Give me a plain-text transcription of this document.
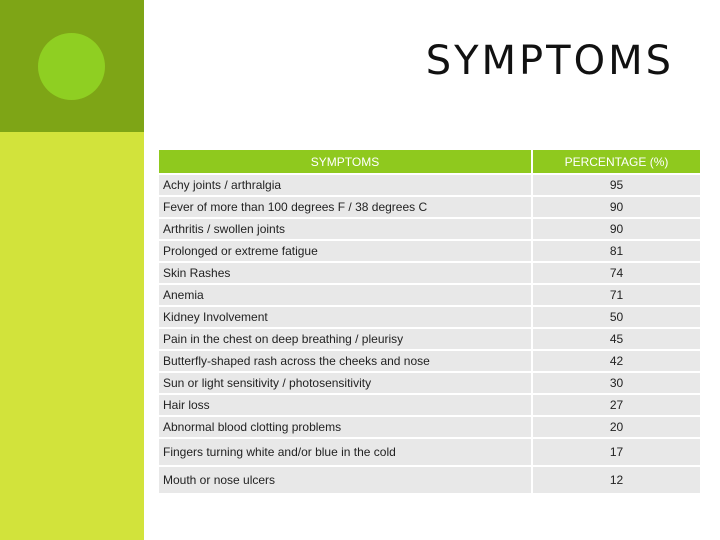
SYMPTOMS
SYMPTOMS	PERCENTAGE (%)
Achy joints / arthralgia	95
Fever of more than 100 degrees F / 38 degrees C	90
Arthritis / swollen joints	90
Prolonged or extreme fatigue	81
Skin Rashes	74
Anemia	71
Kidney Involvement	50
Pain in the chest on deep breathing / pleurisy	45
Butterfly-shaped rash across the cheeks and nose	42
Sun or light sensitivity / photosensitivity	30
Hair loss	27
Abnormal blood clotting problems	20
Fingers turning white and/or blue in the cold	17
Mouth or nose ulcers	12
